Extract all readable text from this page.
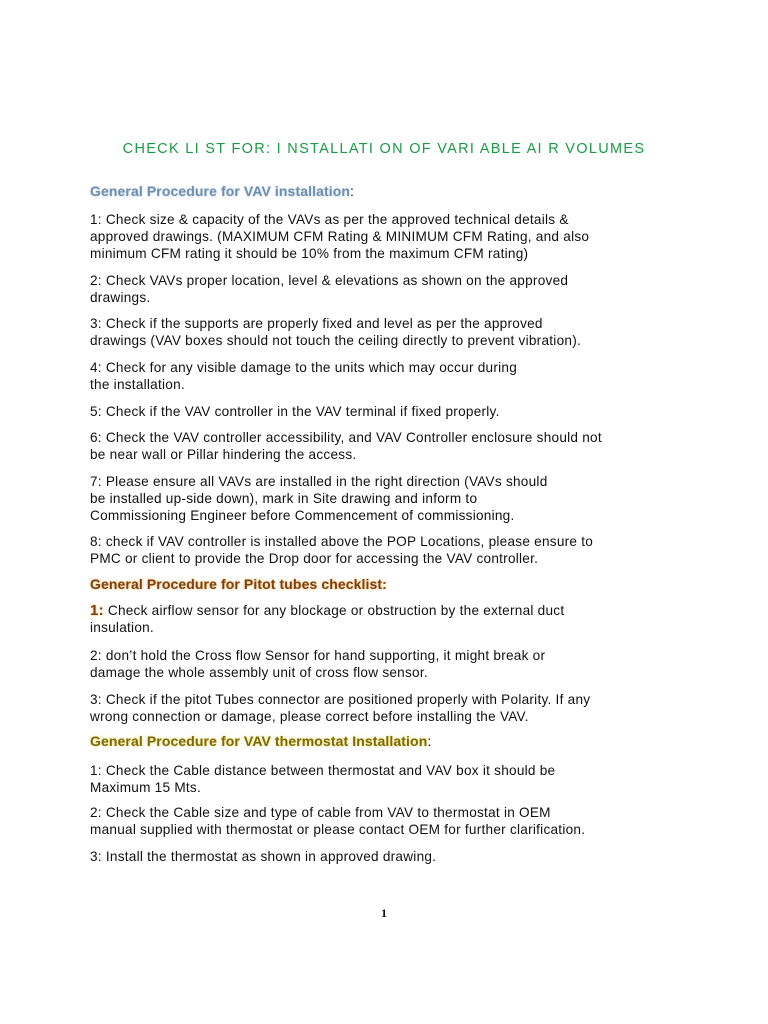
CHECK LI ST FOR: I NSTALLATI ON OF VARI ABLE AI R VOLUMES
General Procedure for VAV installation:

1: Check size & capacity of the VAVs as per the approved technical details &
approved drawings. (MAXIMUM CFM Rating & MINIMUM CFM Rating, and also
minimum CFM rating it should be 10% from the maximum CFM rating)

2: Check VAVs proper location, level & elevations as shown on the approved
drawings.

3: Check if the supports are properly fixed and level as per the approved
drawings (VAV boxes should not touch the ceiling directly to prevent vibration).

4: Check for any visible damage to the units which may occur during
the installation.

5: Check if the VAV controller in the VAV terminal if fixed properly.

6: Check the VAV controller accessibility, and VAV Controller enclosure should not
be near wall or Pillar hindering the access.

7: Please ensure all VAVs are installed in the right direction (VAVs should
be installed up-side down), mark in Site drawing and inform to
Commissioning Engineer before Commencement of commissioning.

8: check if VAV controller is installed above the POP Locations, please ensure to
PMC or client to provide the Drop door for accessing the VAV controller.

General Procedure for Pitot tubes checklist:

1: Check airflow sensor for any blockage or obstruction by the external duct
insulation.

2: don’t hold the Cross flow Sensor for hand supporting, it might break or
damage the whole assembly unit of cross flow sensor.

3: Check if the pitot Tubes connector are positioned properly with Polarity. If any
wrong connection or damage, please correct before installing the VAV.

General Procedure for VAV thermostat Installation:

1: Check the Cable distance between thermostat and VAV box it should be
Maximum 15 Mts.

2: Check the Cable size and type of cable from VAV to thermostat in OEM
manual supplied with thermostat or please contact OEM for further clarification.

3: Install the thermostat as shown in approved drawing.

1
